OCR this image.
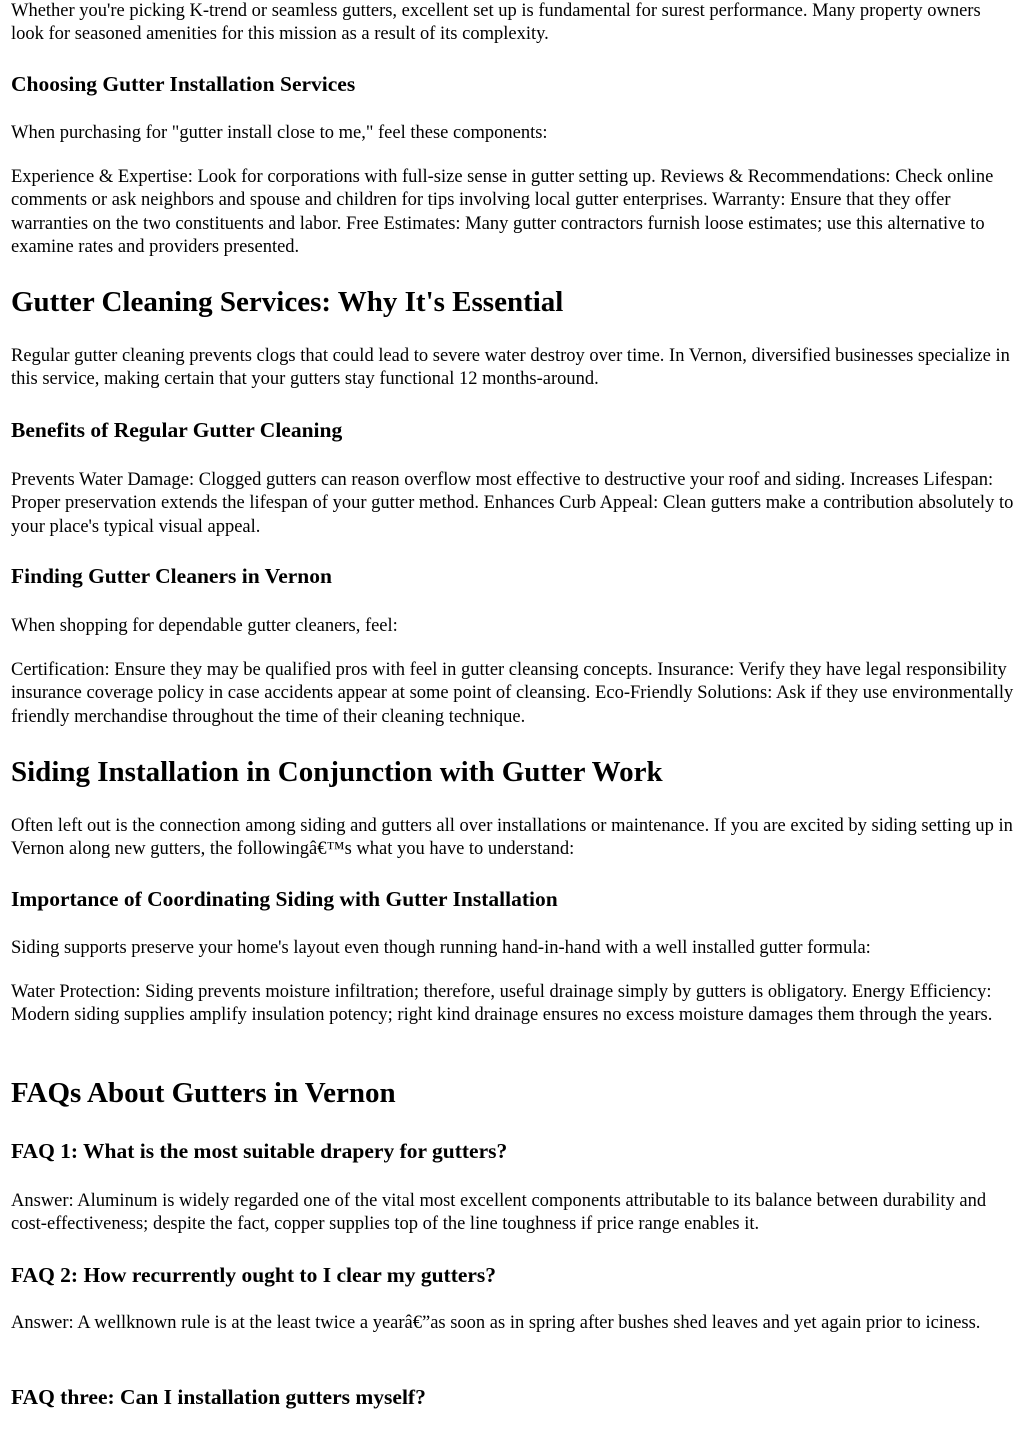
Whether you're picking K-trend or seamless gutters, excellent set up is fundamental for surest performance. Many property owners look for seasoned amenities for this mission as a result of its complexity.

Choosing Gutter Installation Services

When purchasing for "gutter install close to me," feel these components:

Experience & Expertise: Look for corporations with full-size sense in gutter setting up. Reviews & Recommendations: Check online comments or ask neighbors and spouse and children for tips involving local gutter enterprises. Warranty: Ensure that they offer warranties on the two constituents and labor. Free Estimates: Many gutter contractors furnish loose estimates; use this alternative to examine rates and providers presented.

Gutter Cleaning Services: Why It's Essential

Regular gutter cleaning prevents clogs that could lead to severe water destroy over time. In Vernon, diversified businesses specialize in this service, making certain that your gutters stay functional 12 months-around.

Benefits of Regular Gutter Cleaning

Prevents Water Damage: Clogged gutters can reason overflow most effective to destructive your roof and siding. Increases Lifespan: Proper preservation extends the lifespan of your gutter method. Enhances Curb Appeal: Clean gutters make a contribution absolutely to your place's typical visual appeal.

Finding Gutter Cleaners in Vernon

When shopping for dependable gutter cleaners, feel:

Certification: Ensure they may be qualified pros with feel in gutter cleansing concepts. Insurance: Verify they have legal responsibility insurance coverage policy in case accidents appear at some point of cleansing. Eco-Friendly Solutions: Ask if they use environmentally friendly merchandise throughout the time of their cleaning technique.

Siding Installation in Conjunction with Gutter Work

Often left out is the connection among siding and gutters all over installations or maintenance. If you are excited by siding setting up in Vernon along new gutters, the followingâ€™s what you have to understand:

Importance of Coordinating Siding with Gutter Installation

Siding supports preserve your home's layout even though running hand-in-hand with a well installed gutter formula:

Water Protection: Siding prevents moisture infiltration; therefore, useful drainage simply by gutters is obligatory. Energy Efficiency: Modern siding supplies amplify insulation potency; right kind drainage ensures no excess moisture damages them through the years.

FAQs About Gutters in Vernon
FAQ 1: What is the most suitable drapery for gutters?

Answer: Aluminum is widely regarded one of the vital most excellent components attributable to its balance between durability and cost-effectiveness; despite the fact, copper supplies top of the line toughness if price range enables it.

FAQ 2: How recurrently ought to I clear my gutters?

Answer: A wellknown rule is at the least twice a yearâ€”as soon as in spring after bushes shed leaves and yet again prior to iciness.

FAQ three: Can I installation gutters myself?
